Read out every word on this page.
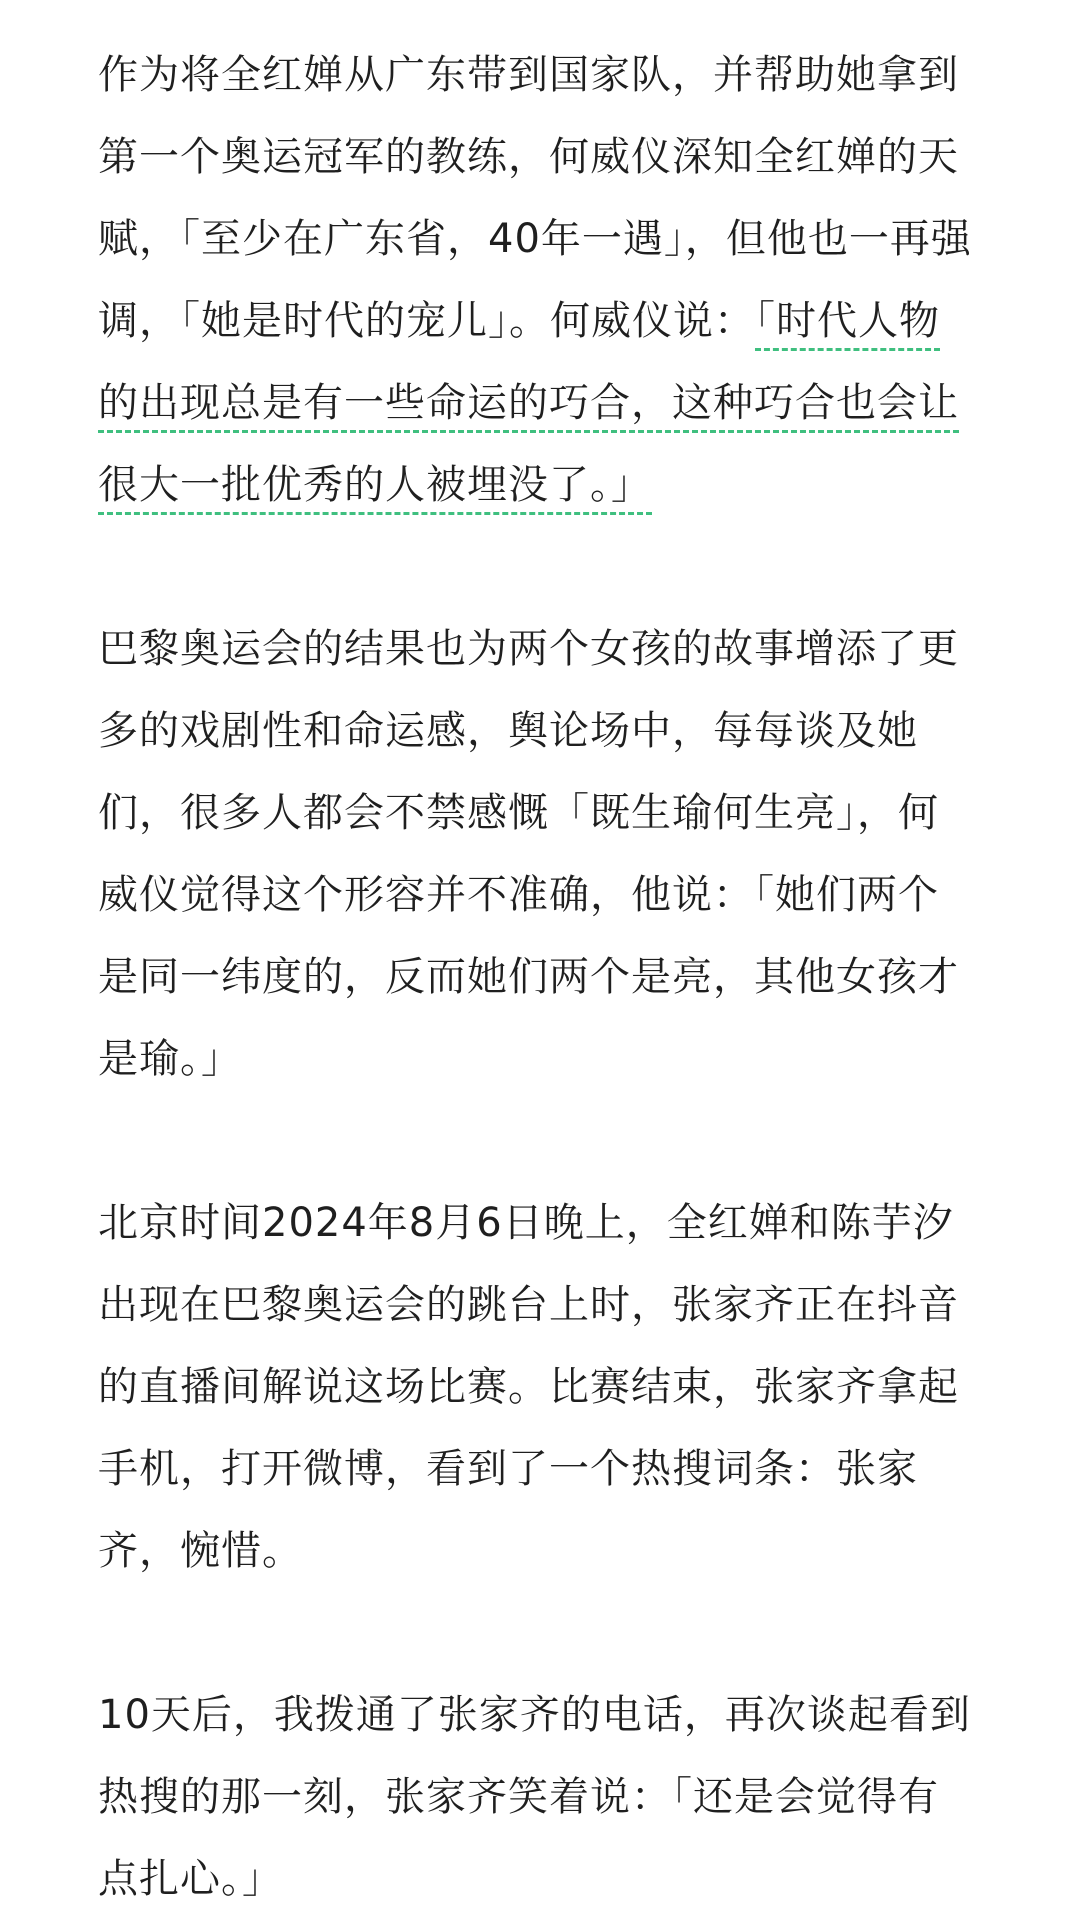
作为将全红婵从广东带到国家队，并帮助她拿到第一个奥运冠军的教练，何威仪深知全红婵的天赋，「至少在广东省，40年一遇」，但他也一再强调，「她是时代的宠儿」。何威仪说：「时代人物的出现总是有一些命运的巧合，这种巧合也会让很大一批优秀的人被埋没了。」

巴黎奥运会的结果也为两个女孩的故事增添了更多的戏剧性和命运感，舆论场中，每每谈及她们，很多人都会不禁感慨「既生瑜何生亮」，何威仪觉得这个形容并不准确，他说：「她们两个是同一纬度的，反而她们两个是亮，其他女孩才是瑜。」

北京时间2024年8月6日晚上，全红婵和陈芋汐出现在巴黎奥运会的跳台上时，张家齐正在抖音的直播间解说这场比赛。比赛结束，张家齐拿起手机，打开微博，看到了一个热搜词条：张家齐，惋惜。

10天后，我拨通了张家齐的电话，再次谈起看到热搜的那一刻，张家齐笑着说：「还是会觉得有点扎心。」
